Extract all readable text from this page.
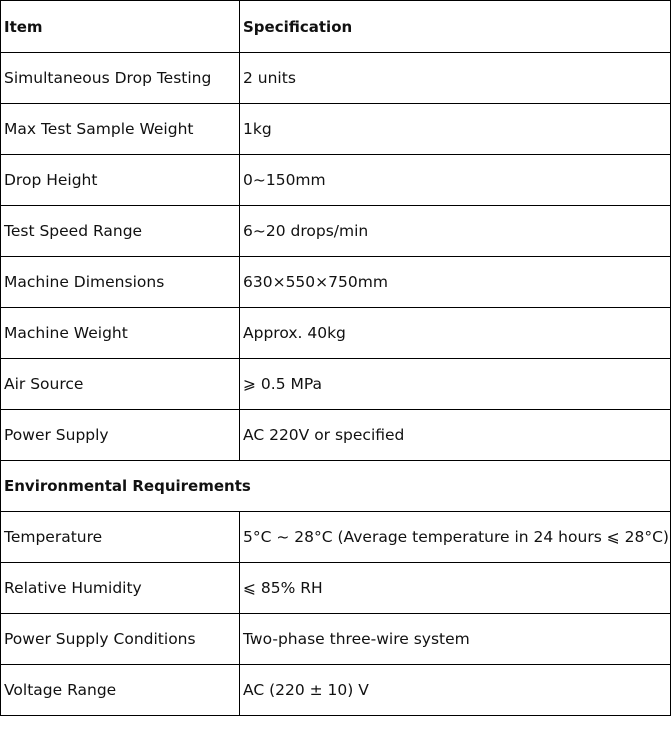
Item	Specification
Simultaneous Drop Testing	2 units
Max Test Sample Weight	1kg
Drop Height	0~150mm
Test Speed Range	6~20 drops/min
Machine Dimensions	630×550×750mm
Machine Weight	Approx. 40kg
Air Source	⩾ 0.5 MPa
Power Supply	AC 220V or specified
Environmental Requirements	
Temperature	5°C ~ 28°C (Average temperature in 24 hours ⩽ 28°C)
Relative Humidity	⩽ 85% RH
Power Supply Conditions	Two-phase three-wire system
Voltage Range	AC (220 ± 10) V
